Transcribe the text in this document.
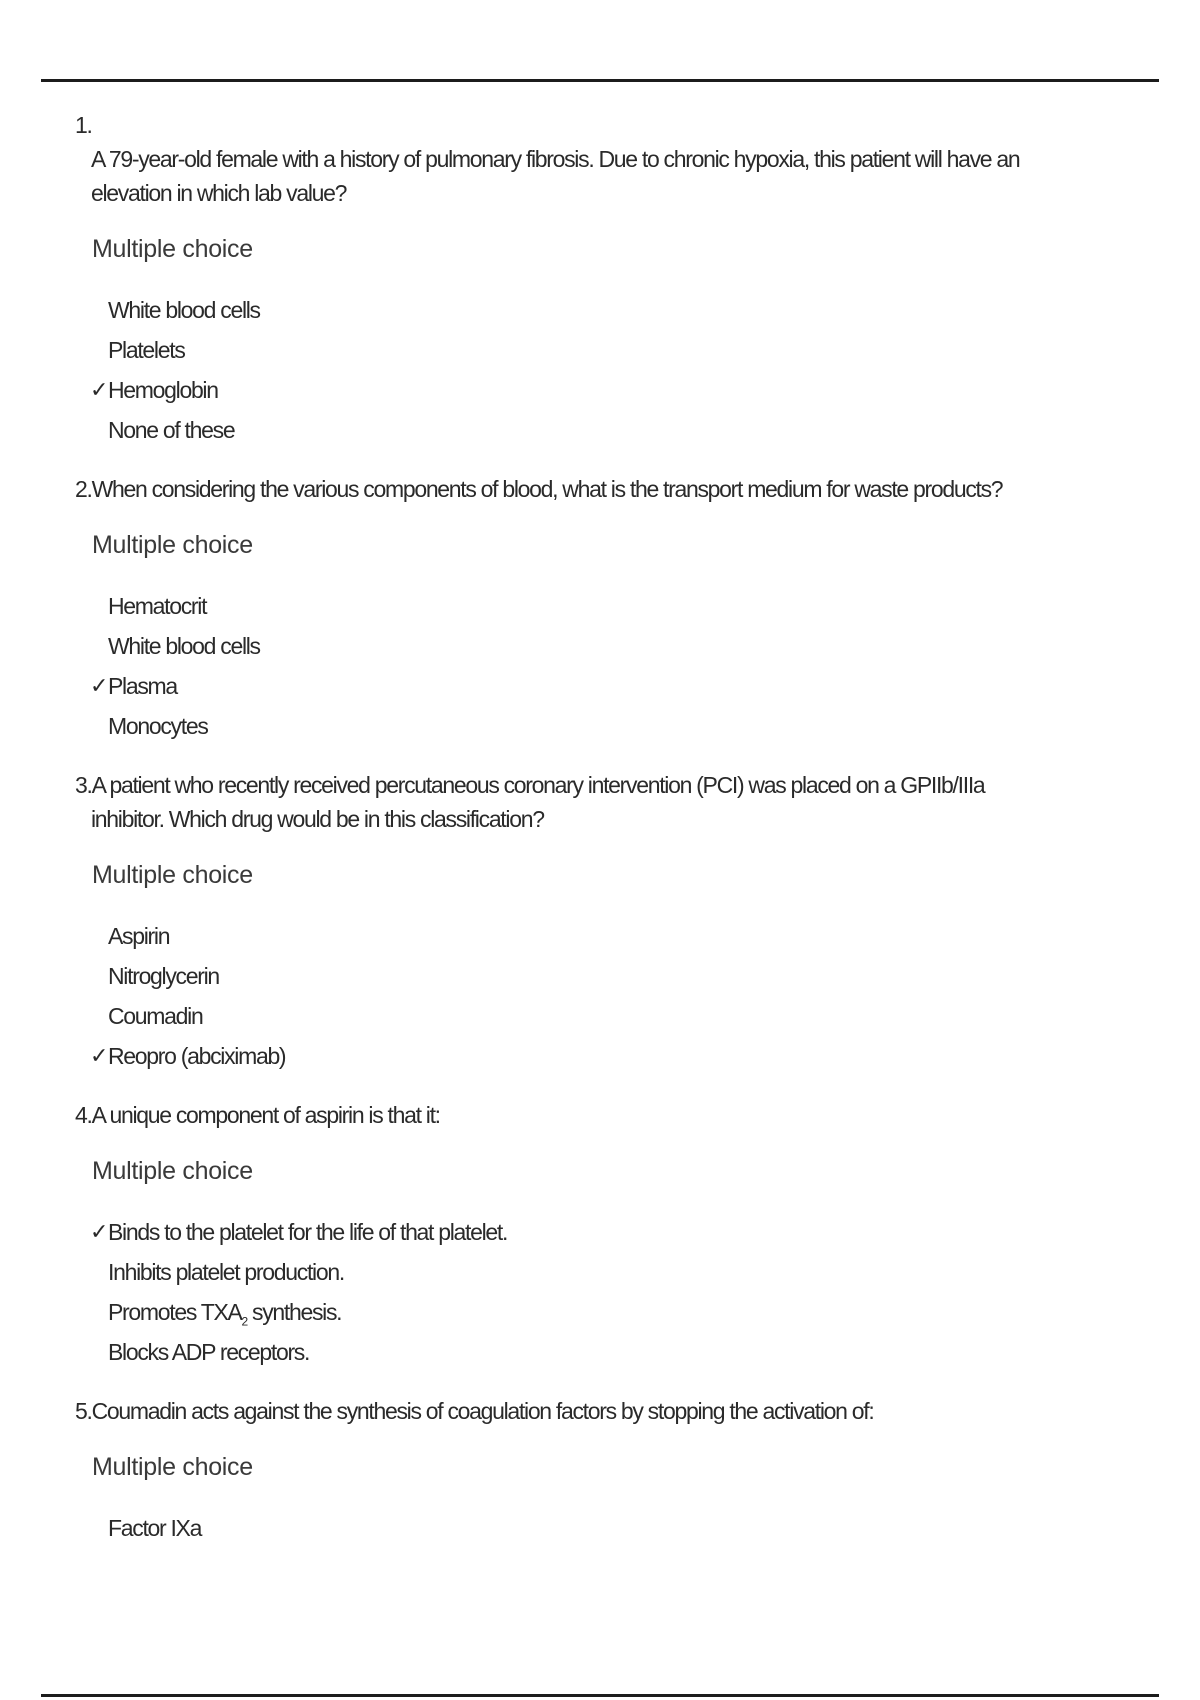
1.
A 79-year-old female with a history of pulmonary fibrosis. Due to chronic hypoxia, this patient will have an elevation in which lab value?
Multiple choice
White blood cells
Platelets
✓ Hemoglobin
None of these
2.When considering the various components of blood, what is the transport medium for waste products?
Multiple choice
Hematocrit
White blood cells
✓ Plasma
Monocytes
3.A patient who recently received percutaneous coronary intervention (PCI) was placed on a GPIIb/IIIa inhibitor. Which drug would be in this classification?
Multiple choice
Aspirin
Nitroglycerin
Coumadin
✓ Reopro (abciximab)
4.A unique component of aspirin is that it:
Multiple choice
✓ Binds to the platelet for the life of that platelet.
Inhibits platelet production.
Promotes $TXA_2$ synthesis.
Blocks ADP receptors.
5.Coumadin acts against the synthesis of coagulation factors by stopping the activation of:
Multiple choice
Factor IXa
